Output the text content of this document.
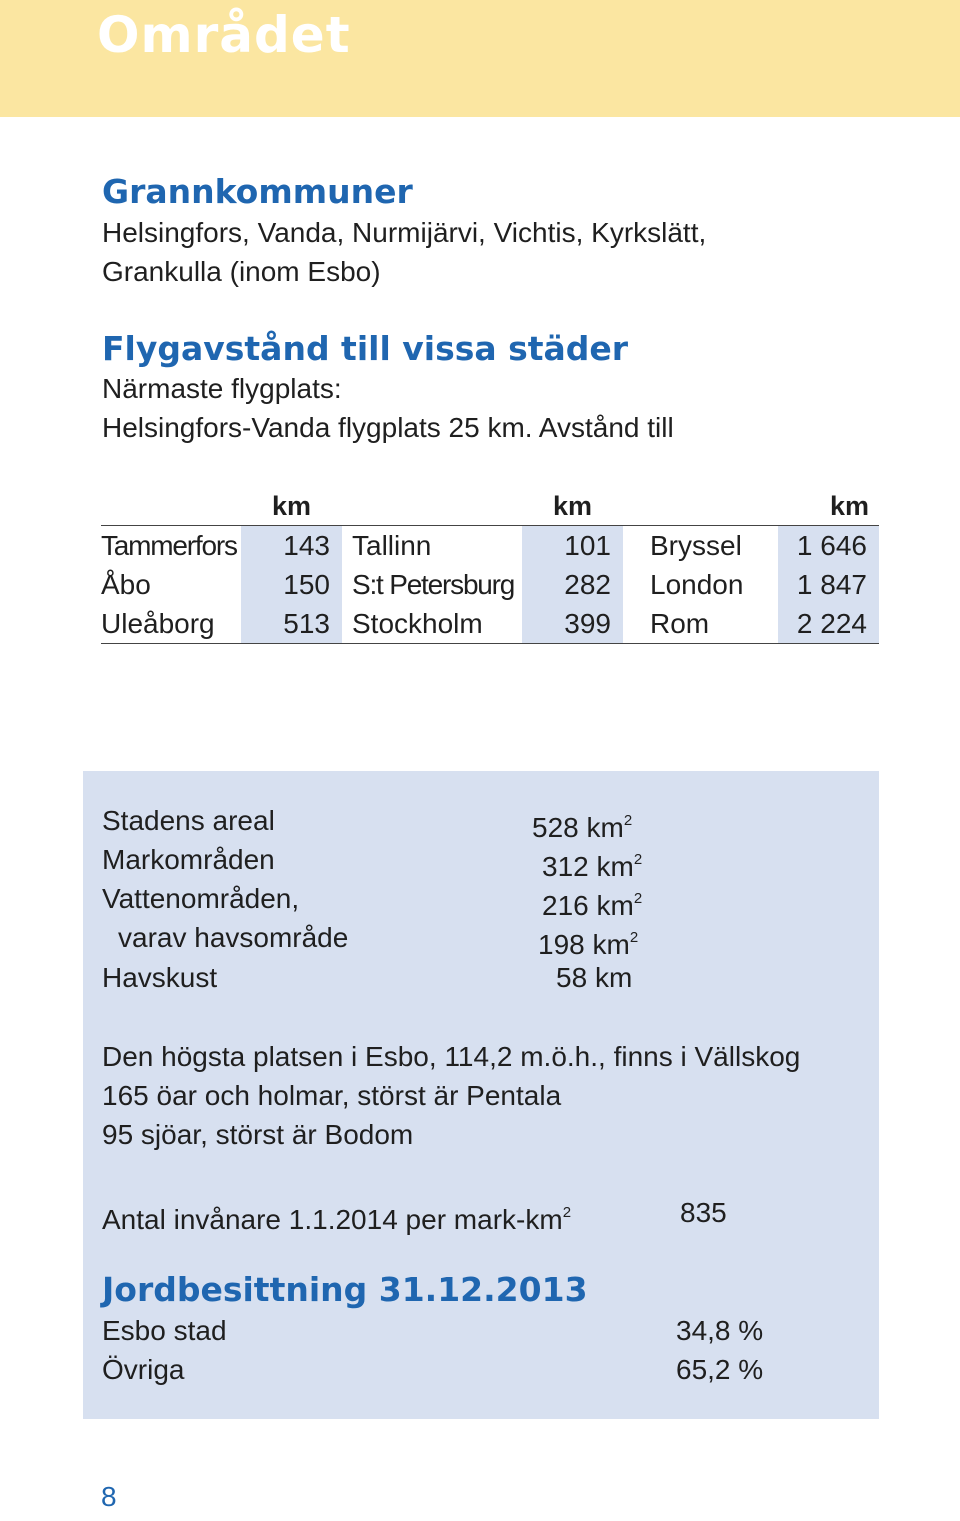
Området
Grannkommuner
Helsingfors, Vanda, Nurmijärvi, Vichtis, Kyrkslätt,
Grankulla (inom Esbo)
Flygavstånd till vissa städer
Närmaste flygplats:
Helsingfors-Vanda flygplats 25 km. Avstånd till
	km		km		km
Tammerfors	143	Tallinn	101	Bryssel	1 646
Åbo	150	S:t Petersburg	282	London	1 847
Uleåborg	513	Stockholm	399	Rom	2 224
Stadens areal	528 $km^2$
Markområden	312 $km^2$
Vattenområden,	216 $km^2$
varav havsområde	198 $km^2$
Havskust	58 km
Den högsta platsen i Esbo, 114,2 m.ö.h., finns i Vällskog
165 öar och holmar, störst är Pentala
95 sjöar, störst är Bodom
Antal invånare 1.1.2014 per mark-$km^2$	835
Jordbesittning 31.12.2013
Esbo stad	34,8 %
Övriga	65,2 %
8
